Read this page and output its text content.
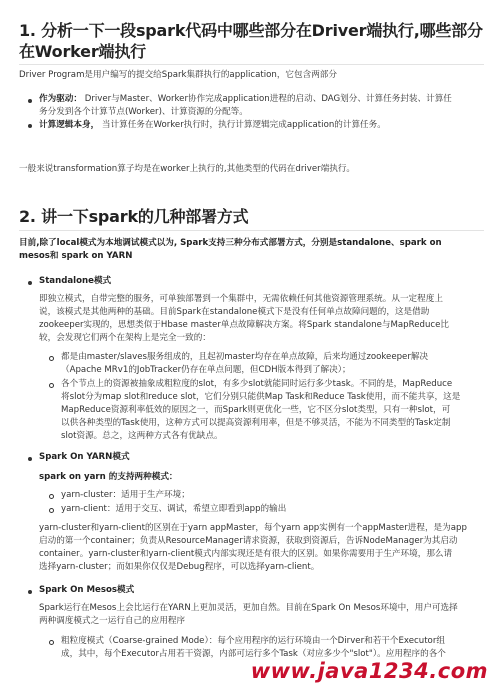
1. 分析一下一段spark代码中哪些部分在Driver端执行,哪些部分
在Worker端执行
Driver Program是用户编写的提交给Spark集群执行的application，它包含两部分
作为驱动： Driver与Master、Worker协作完成application进程的启动、DAG划分、计算任务封装、计算任
务分发到各个计算节点(Worker)、计算资源的分配等。
计算逻辑本身， 当计算任务在Worker执行时，执行计算逻辑完成application的计算任务。
一般来说transformation算子均是在worker上执行的,其他类型的代码在driver端执行。
2. 讲一下spark的几种部署方式
目前,除了local模式为本地调试模式以为, Spark支持三种分布式部署方式，分别是standalone、spark on
mesos和 spark on YARN
Standalone模式
即独立模式，自带完整的服务，可单独部署到一个集群中，无需依赖任何其他资源管理系统。从一定程度上
说，该模式是其他两种的基础。目前Spark在standalone模式下是没有任何单点故障问题的，这是借助
zookeeper实现的，思想类似于Hbase master单点故障解决方案。将Spark standalone与MapReduce比
较，会发现它们两个在架构上是完全一致的：
都是由master/slaves服务组成的，且起初master均存在单点故障，后来均通过zookeeper解决
（Apache MRv1的JobTracker仍存在单点问题，但CDH版本得到了解决）；
各个节点上的资源被抽象成粗粒度的slot，有多少slot就能同时运行多少task。不同的是，MapReduce
将slot分为map slot和reduce slot，它们分别只能供Map Task和Reduce Task使用，而不能共享，这是
MapReduce资源利率低效的原因之一，而Spark则更优化一些，它不区分slot类型，只有一种slot，可
以供各种类型的Task使用，这种方式可以提高资源利用率，但是不够灵活，不能为不同类型的Task定制
slot资源。总之，这两种方式各有优缺点。
Spark On YARN模式
spark on yarn 的支持两种模式：
yarn-cluster：适用于生产环境；
yarn-client：适用于交互、调试，希望立即看到app的输出
yarn-cluster和yarn-client的区别在于yarn appMaster，每个yarn app实例有一个appMaster进程，是为app
启动的第一个container；负责从ResourceManager请求资源，获取到资源后，告诉NodeManager为其启动
container。yarn-cluster和yarn-client模式内部实现还是有很大的区别。如果你需要用于生产环境，那么请
选择yarn-cluster；而如果你仅仅是Debug程序，可以选择yarn-client。
Spark On Mesos模式
Spark运行在Mesos上会比运行在YARN上更加灵活，更加自然。目前在Spark On Mesos环境中，用户可选择
两种调度模式之一运行自己的应用程序
粗粒度模式（Coarse-grained Mode）：每个应用程序的运行环境由一个Dirver和若干个Executor组
成，其中，每个Executor占用若干资源，内部可运行多个Task（对应多少个"slot"）。应用程序的各个
www.java1234.com
